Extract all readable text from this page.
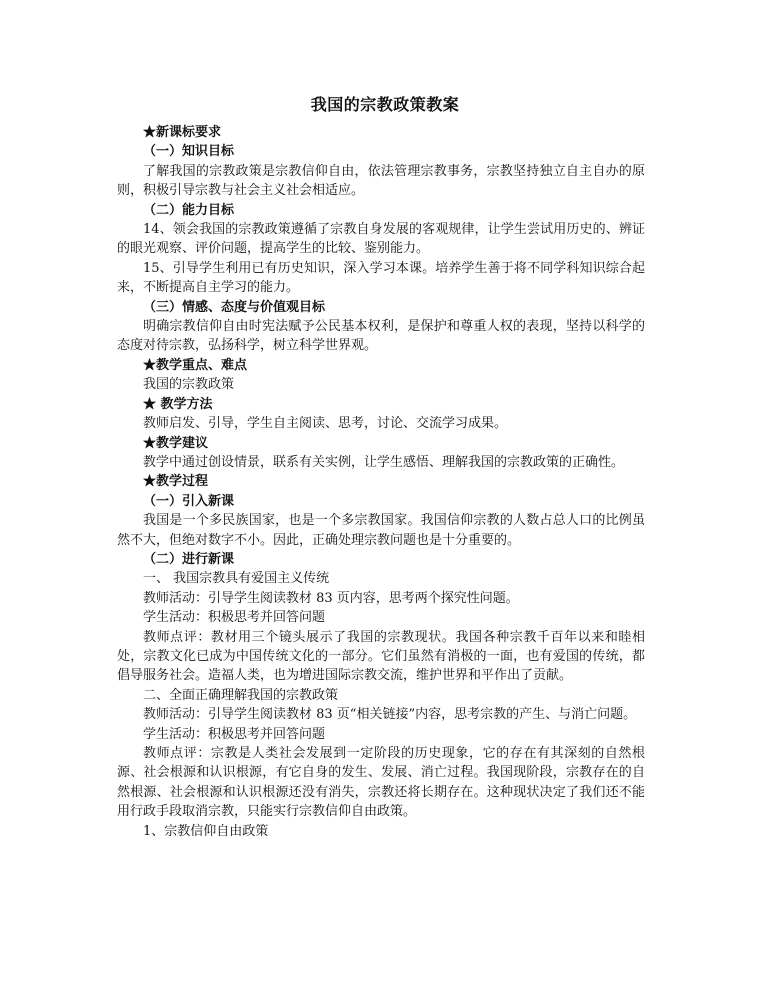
我国的宗教政策教案

★新课标要求

（一）知识目标

了解我国的宗教政策是宗教信仰自由，依法管理宗教事务，宗教坚持独立自主自办的原则，积极引导宗教与社会主义社会相适应。

（二）能力目标

14、领会我国的宗教政策遵循了宗教自身发展的客观规律，让学生尝试用历史的、辨证的眼光观察、评价问题，提高学生的比较、鉴别能力。

15、引导学生利用已有历史知识，深入学习本课。培养学生善于将不同学科知识综合起来，不断提高自主学习的能力。

（三）情感、态度与价值观目标

明确宗教信仰自由时宪法赋予公民基本权利，是保护和尊重人权的表现，坚持以科学的态度对待宗教，弘扬科学，树立科学世界观。

★教学重点、难点

我国的宗教政策

★ 教学方法

教师启发、引导，学生自主阅读、思考，讨论、交流学习成果。

★教学建议

教学中通过创设情景，联系有关实例，让学生感悟、理解我国的宗教政策的正确性。

★教学过程

（一）引入新课

我国是一个多民族国家，也是一个多宗教国家。我国信仰宗教的人数占总人口的比例虽然不大，但绝对数字不小。因此，正确处理宗教问题也是十分重要的。

（二）进行新课

一、 我国宗教具有爱国主义传统

教师活动：引导学生阅读教材 83 页内容，思考两个探究性问题。

学生活动：积极思考并回答问题

教师点评：教材用三个镜头展示了我国的宗教现状。我国各种宗教千百年以来和睦相处，宗教文化已成为中国传统文化的一部分。它们虽然有消极的一面，也有爱国的传统，都倡导服务社会。造福人类，也为增进国际宗教交流，维护世界和平作出了贡献。

二、全面正确理解我国的宗教政策

教师活动：引导学生阅读教材 83 页“相关链接”内容，思考宗教的产生、与消亡问题。

学生活动：积极思考并回答问题

教师点评：宗教是人类社会发展到一定阶段的历史现象，它的存在有其深刻的自然根源、社会根源和认识根源，有它自身的发生、发展、消亡过程。我国现阶段，宗教存在的自然根源、社会根源和认识根源还没有消失，宗教还将长期存在。这种现状决定了我们还不能用行政手段取消宗教，只能实行宗教信仰自由政策。

1、宗教信仰自由政策
